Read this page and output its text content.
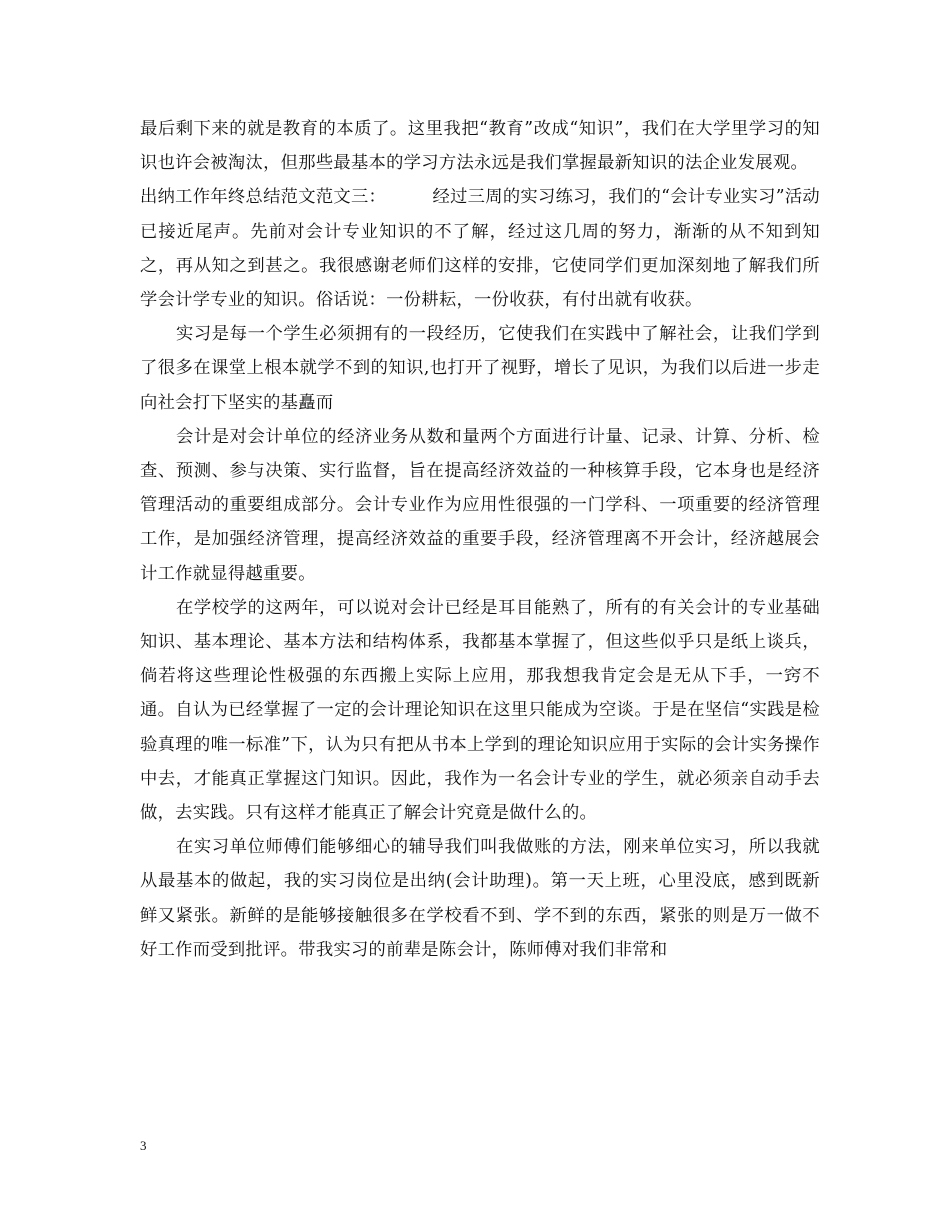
最后剩下来的就是教育的本质了。这里我把“教育”改成“知识”，我们在大学里学习的知识也许会被淘汰，但那些最基本的学习方法永远是我们掌握最新知识的法企业发展观。

出纳工作年终总结范文范文三：	经过三周的实习练习，我们的“会计专业实习”活动已接近尾声。先前对会计专业知识的不了解，经过这几周的努力，渐渐的从不知到知之，再从知之到甚之。我很感谢老师们这样的安排，它使同学们更加深刻地了解我们所学会计学专业的知识。俗话说：一份耕耘，一份收获，有付出就有收获。

实习是每一个学生必须拥有的一段经历，它使我们在实践中了解社会，让我们学到了很多在课堂上根本就学不到的知识,也打开了视野，增长了见识，为我们以后进一步走向社会打下坚实的基矗而

会计是对会计单位的经济业务从数和量两个方面进行计量、记录、计算、分析、检查、预测、参与决策、实行监督，旨在提高经济效益的一种核算手段，它本身也是经济管理活动的重要组成部分。会计专业作为应用性很强的一门学科、一项重要的经济管理工作，是加强经济管理，提高经济效益的重要手段，经济管理离不开会计，经济越展会计工作就显得越重要。

在学校学的这两年，可以说对会计已经是耳目能熟了，所有的有关会计的专业基础知识、基本理论、基本方法和结构体系，我都基本掌握了，但这些似乎只是纸上谈兵，倘若将这些理论性极强的东西搬上实际上应用，那我想我肯定会是无从下手，一窍不通。自认为已经掌握了一定的会计理论知识在这里只能成为空谈。于是在坚信“实践是检验真理的唯一标准”下，认为只有把从书本上学到的理论知识应用于实际的会计实务操作中去，才能真正掌握这门知识。因此，我作为一名会计专业的学生，就必须亲自动手去做，去实践。只有这样才能真正了解会计究竟是做什么的。

在实习单位师傅们能够细心的辅导我们叫我做账的方法，刚来单位实习，所以我就从最基本的做起，我的实习岗位是出纳(会计助理)。第一天上班，心里没底，感到既新鲜又紧张。新鲜的是能够接触很多在学校看不到、学不到的东西，紧张的则是万一做不好工作而受到批评。带我实习的前辈是陈会计，陈师傅对我们非常和

3
